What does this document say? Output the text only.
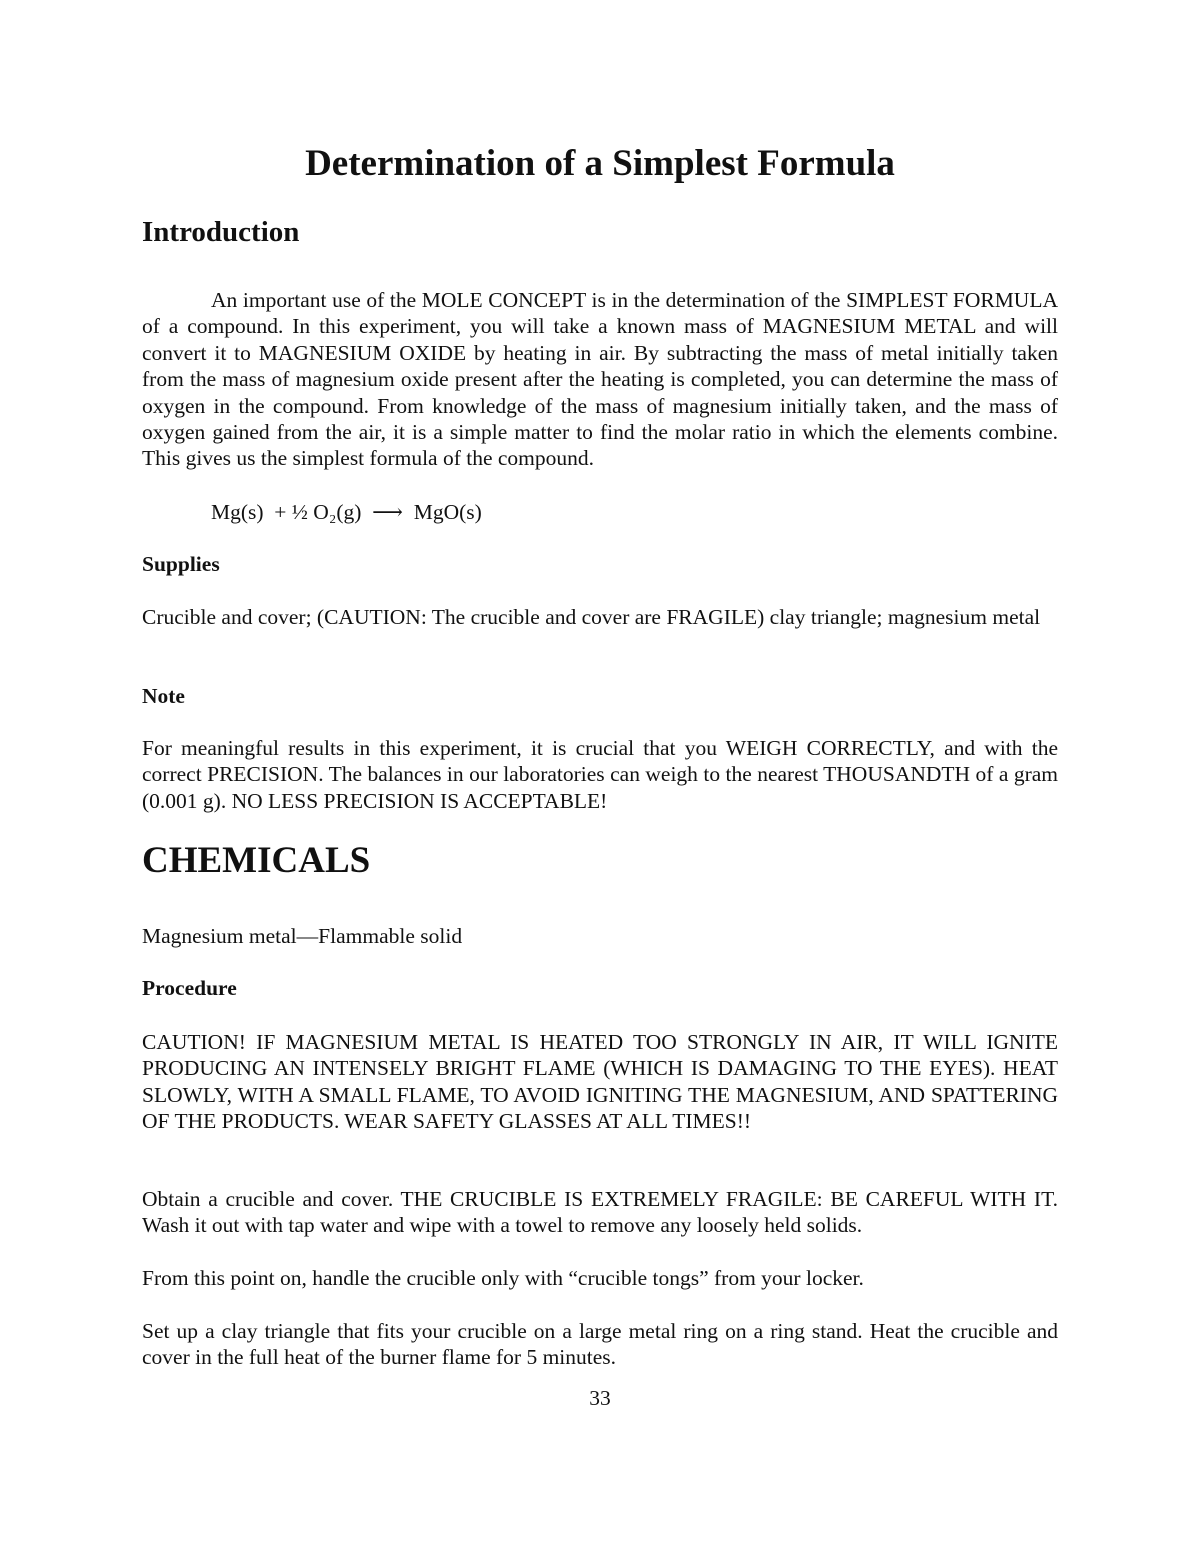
Determination of a Simplest Formula
Introduction

An important use of the MOLE CONCEPT is in the determination of the SIMPLEST FORMULA of a compound. In this experiment, you will take a known mass of MAGNESIUM METAL and will convert it to MAGNESIUM OXIDE by heating in air. By subtracting the mass of metal initially taken from the mass of magnesium oxide present after the heating is completed, you can determine the mass of oxygen in the compound. From knowledge of the mass of magnesium initially taken, and the mass of oxygen gained from the air, it is a simple matter to find the molar ratio in which the elements combine. This gives us the simplest formula of the compound.

Mg(s)  + ½ O₂(g)  ⟶  MgO(s)

Supplies

Crucible and cover; (CAUTION: The crucible and cover are FRAGILE) clay triangle; magnesium metal

Note

For meaningful results in this experiment, it is crucial that you WEIGH CORRECTLY, and with the correct PRECISION. The balances in our laboratories can weigh to the nearest THOUSANDTH of a gram (0.001 g). NO LESS PRECISION IS ACCEPTABLE!

CHEMICALS

Magnesium metal—Flammable solid

Procedure

CAUTION! IF MAGNESIUM METAL IS HEATED TOO STRONGLY IN AIR, IT WILL IGNITE PRODUCING AN INTENSELY BRIGHT FLAME (WHICH IS DAMAGING TO THE EYES). HEAT SLOWLY, WITH A SMALL FLAME, TO AVOID IGNITING THE MAGNESIUM, AND SPATTERING OF THE PRODUCTS. WEAR SAFETY GLASSES AT ALL TIMES!!

Obtain a crucible and cover. THE CRUCIBLE IS EXTREMELY FRAGILE: BE CAREFUL WITH IT. Wash it out with tap water and wipe with a towel to remove any loosely held solids.

From this point on, handle the crucible only with “crucible tongs” from your locker.

Set up a clay triangle that fits your crucible on a large metal ring on a ring stand. Heat the crucible and cover in the full heat of the burner flame for 5 minutes.

33
